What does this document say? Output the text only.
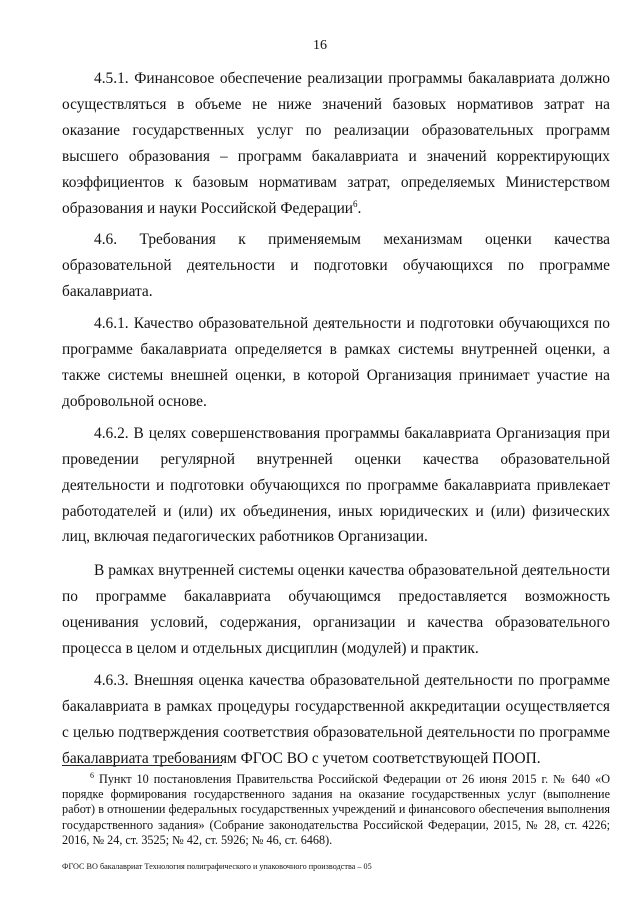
16

4.5.1. Финансовое обеспечение реализации программы бакалавриата должно осуществляться в объеме не ниже значений базовых нормативов затрат на оказание государственных услуг по реализации образовательных программ высшего образования – программ бакалавриата и значений корректирующих коэффициентов к базовым нормативам затрат, определяемых Министерством образования и науки Российской Федерации$^6$.

4.6. Требования к применяемым механизмам оценки качества образовательной деятельности и подготовки обучающихся по программе бакалавриата.

4.6.1. Качество образовательной деятельности и подготовки обучающихся по программе бакалавриата определяется в рамках системы внутренней оценки, а также системы внешней оценки, в которой Организация принимает участие на добровольной основе.

4.6.2. В целях совершенствования программы бакалавриата Организация при проведении регулярной внутренней оценки качества образовательной деятельности и подготовки обучающихся по программе бакалавриата привлекает работодателей и (или) их объединения, иных юридических и (или) физических лиц, включая педагогических работников Организации.

В рамках внутренней системы оценки качества образовательной деятельности по программе бакалавриата обучающимся предоставляется возможность оценивания условий, содержания, организации и качества образовательного процесса в целом и отдельных дисциплин (модулей) и практик.

4.6.3. Внешняя оценка качества образовательной деятельности по программе бакалавриата в рамках процедуры государственной аккредитации осуществляется с целью подтверждения соответствия образовательной деятельности по программе бакалавриата требованиям ФГОС ВО с учетом соответствующей ПООП.

$^6$ Пункт 10 постановления Правительства Российской Федерации от 26 июня 2015 г. № 640 «О порядке формирования государственного задания на оказание государственных услуг (выполнение работ) в отношении федеральных государственных учреждений и финансового обеспечения выполнения государственного задания» (Собрание законодательства Российской Федерации, 2015, № 28, ст. 4226; 2016, № 24, ст. 3525; № 42, ст. 5926; № 46, ст. 6468).

ФГОС ВО бакалавриат Технология полиграфического и упаковочного производства – 05
